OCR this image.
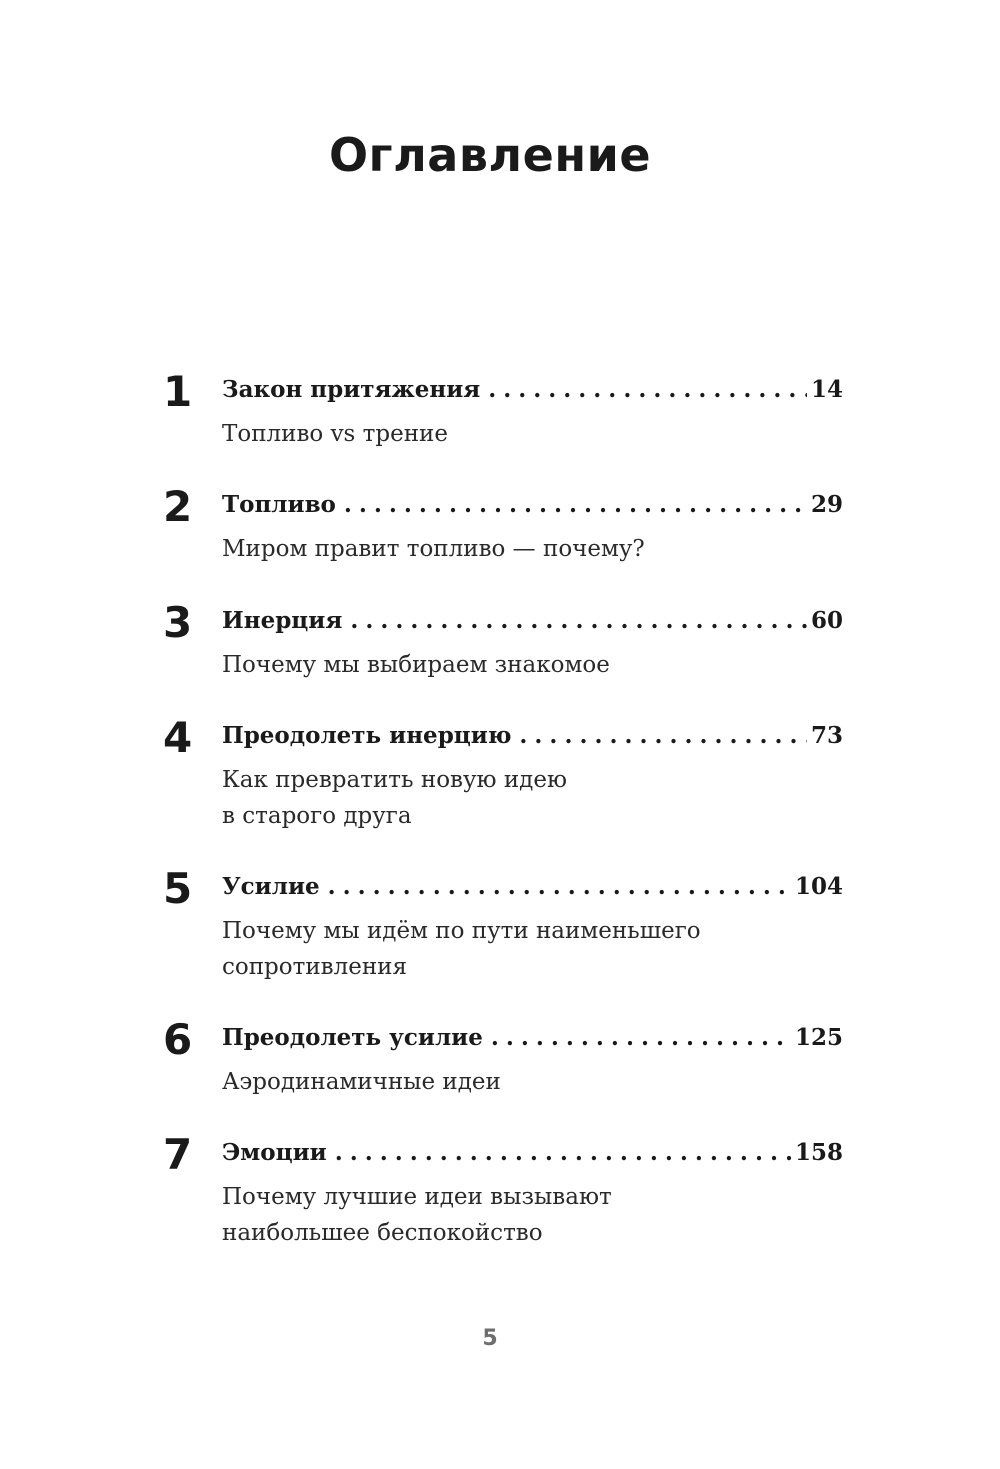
Оглавление
1	Закон притяжения .....	14
Топливо vs трение
2	Топливо .....	29
Миром правит топливо — почему?
3	Инерция .....	60
Почему мы выбираем знакомое
4	Преодолеть инерцию .....	73
Как превратить новую идею
в старого друга
5	Усилие .....	104
Почему мы идём по пути наименьшего
сопротивления
6	Преодолеть усилие .....	125
Аэродинамичные идеи
7	Эмоции .....	158
Почему лучшие идеи вызывают
наибольшее беспокойство
5
